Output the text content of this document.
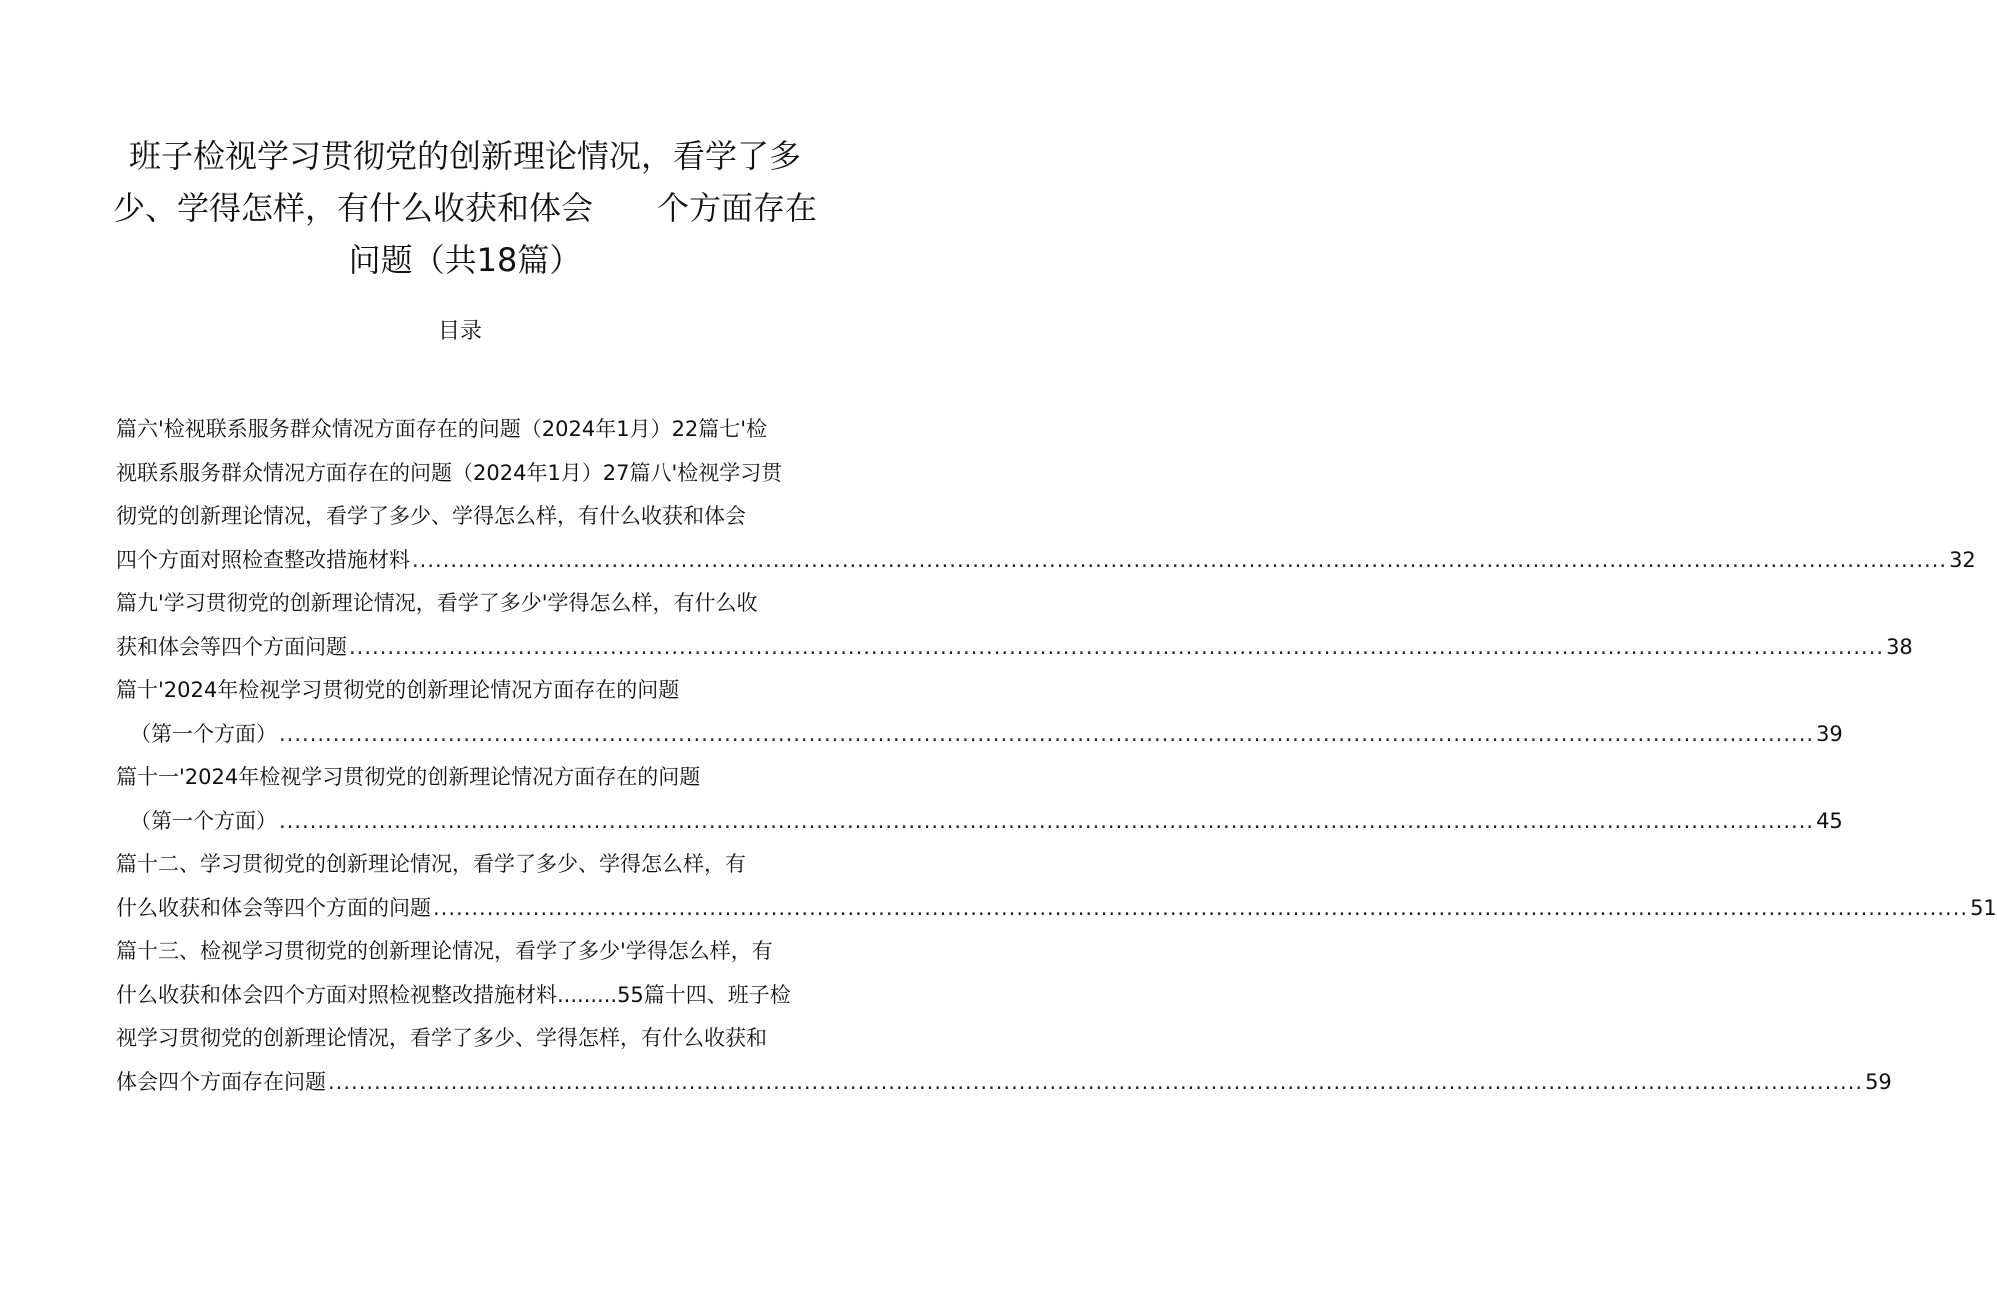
班子检视学习贯彻党的创新理论情况，看学了多
少、学得怎样，有什么收获和体会　　个方面存在
问题（共18篇）
目录
篇六'检视联系服务群众情况方面存在的问题（2024年1月）22篇七'检
视联系服务群众情况方面存在的问题（2024年1月）27篇八'检视学习贯
彻党的创新理论情况，看学了多少、学得怎么样，有什么收获和体会
四个方面对照检查整改措施材料 ........................................................................................................................................................................................................ 32
篇九'学习贯彻党的创新理论情况，看学了多少'学得怎么样，有什么收
获和体会等四个方面问题 ........................................................................................................................................................................................................ 38
篇十'2024年检视学习贯彻党的创新理论情况方面存在的问题
（第一个方面） ........................................................................................................................................................................................................ 39
篇十一'2024年检视学习贯彻党的创新理论情况方面存在的问题
（第一个方面） ........................................................................................................................................................................................................ 45
篇十二、学习贯彻党的创新理论情况，看学了多少、学得怎么样，有
什么收获和体会等四个方面的问题 ........................................................................................................................................................................................................ 51
篇十三、检视学习贯彻党的创新理论情况，看学了多少'学得怎么样，有
什么收获和体会四个方面对照检视整改措施材料.........55篇十四、班子检
视学习贯彻党的创新理论情况，看学了多少、学得怎样，有什么收获和
体会四个方面存在问题 ........................................................................................................................................................................................................ 59
